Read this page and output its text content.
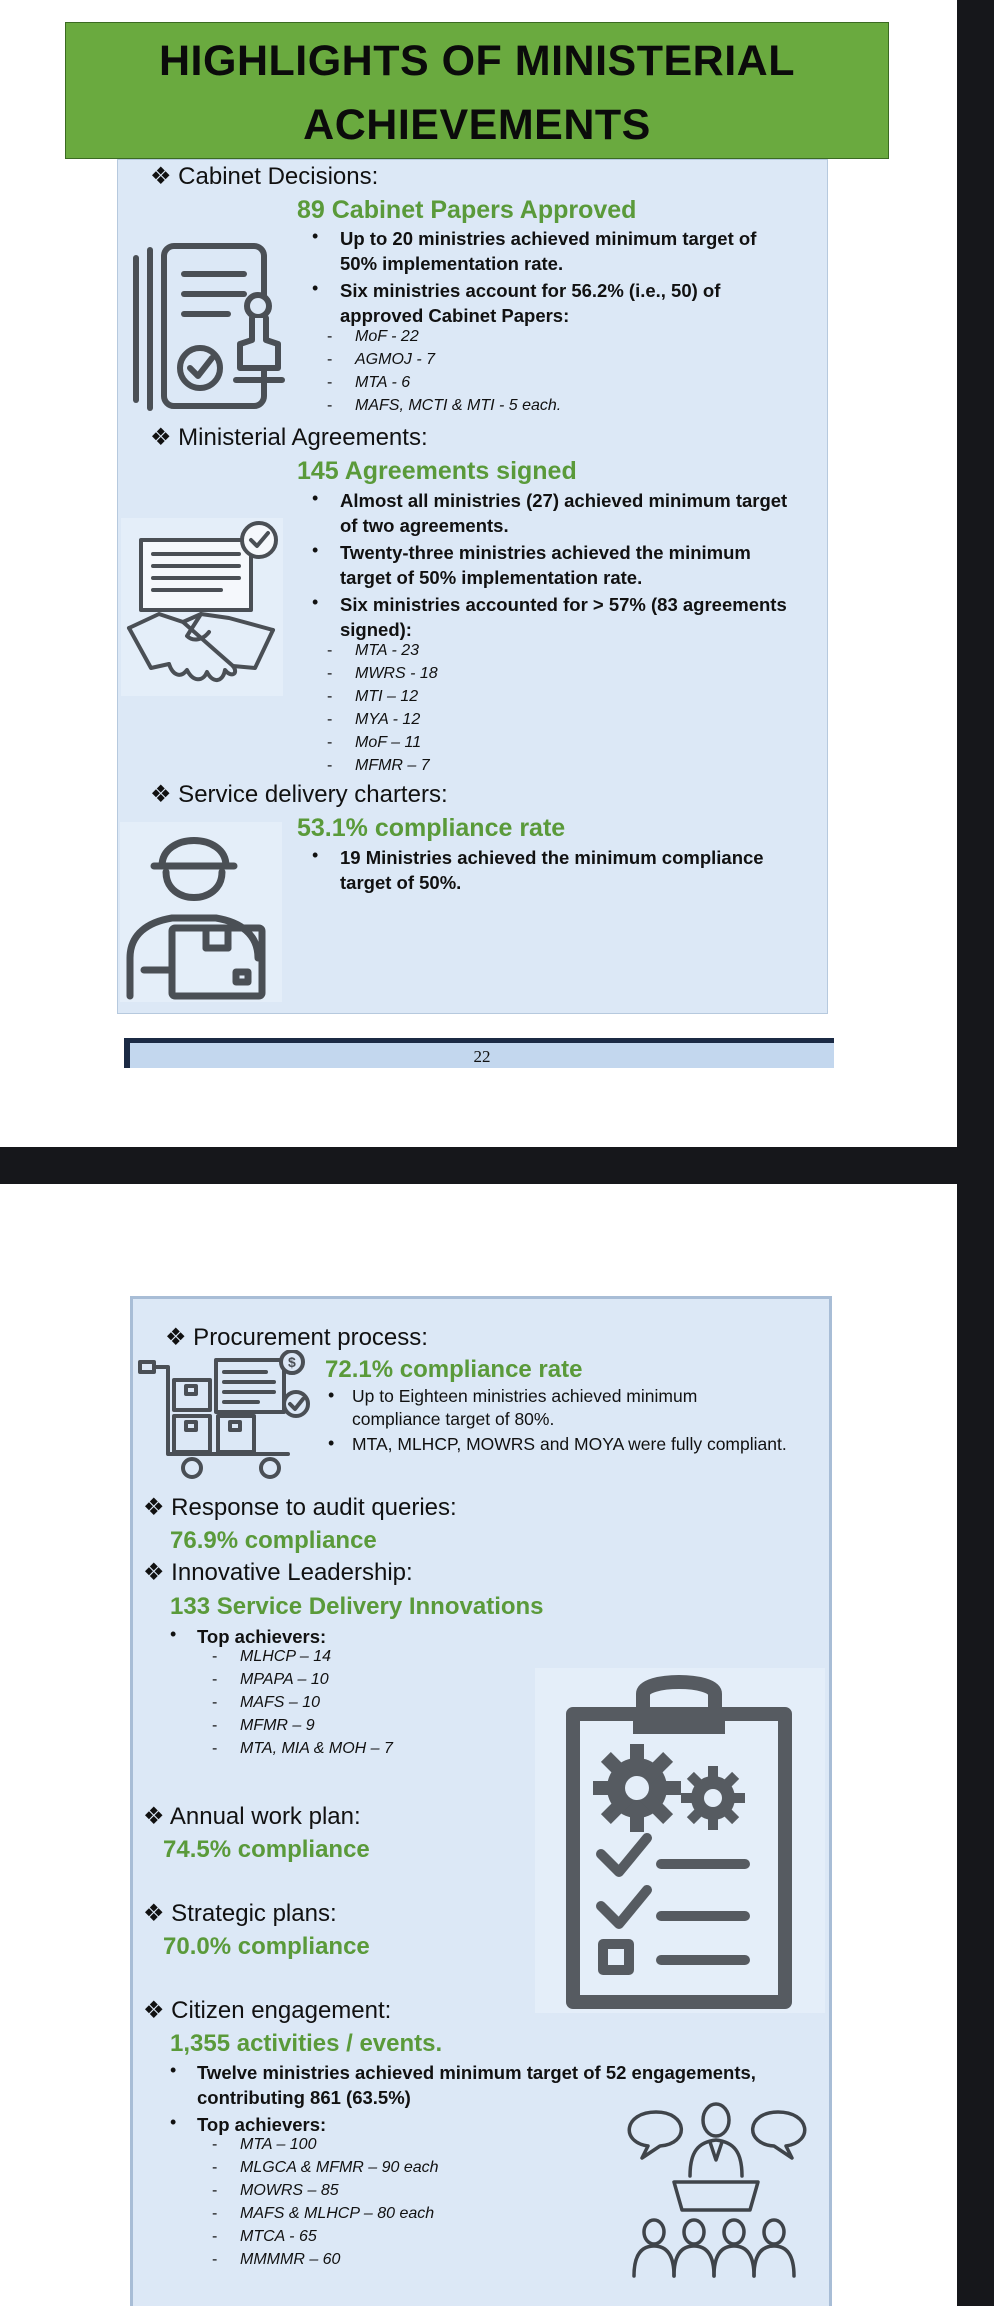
HIGHLIGHTS OF MINISTERIAL
ACHIEVEMENTS
❖ Cabinet Decisions:
89 Cabinet Papers Approved
• Up to 20 ministries achieved minimum target of
50% implementation rate.
• Six ministries account for 56.2% (i.e., 50) of
approved Cabinet Papers:
- MoF - 22
- AGMOJ - 7
- MTA - 6
- MAFS, MCTI & MTI - 5 each.
❖ Ministerial Agreements:
145 Agreements signed
• Almost all ministries (27) achieved minimum target
of two agreements.
• Twenty-three ministries achieved the minimum
target of 50% implementation rate.
• Six ministries accounted for > 57% (83 agreements
signed):
- MTA - 23
- MWRS - 18
- MTI – 12
- MYA - 12
- MoF – 11
- MFMR – 7
❖ Service delivery charters:
53.1% compliance rate
• 19 Ministries achieved the minimum compliance
target of 50%.
22
❖ Procurement process:
72.1% compliance rate
• Up to Eighteen ministries achieved minimum
compliance target of 80%.
• MTA, MLHCP, MOWRS and MOYA were fully compliant.
$
❖ Response to audit queries:
76.9% compliance
❖ Innovative Leadership:
133 Service Delivery Innovations
• Top achievers:
- MLHCP – 14
- MPAPA – 10
- MAFS – 10
- MFMR – 9
- MTA, MIA & MOH – 7
❖ Annual work plan:
74.5% compliance
❖ Strategic plans:
70.0% compliance
❖ Citizen engagement:
1,355 activities / events.
• Twelve ministries achieved minimum target of 52 engagements,
contributing 861 (63.5%)
• Top achievers:
- MTA – 100
- MLGCA & MFMR – 90 each
- MOWRS – 85
- MAFS & MLHCP – 80 each
- MTCA - 65
- MMMMR – 60
